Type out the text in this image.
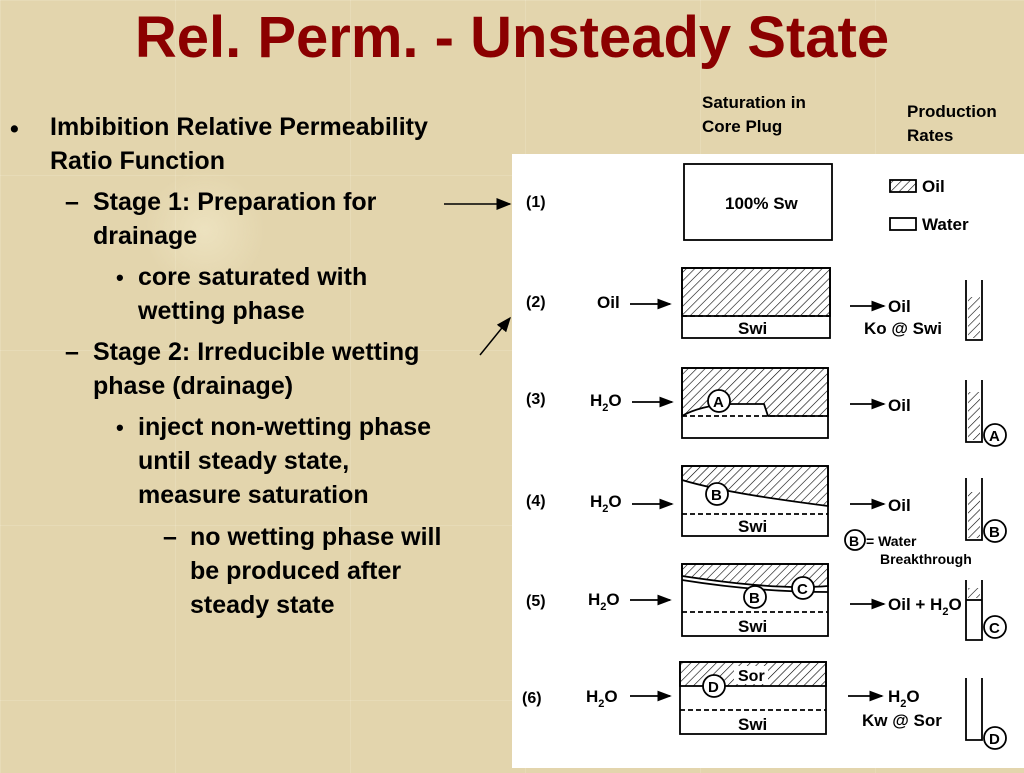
Rel. Perm. - Unsteady State
• Imbibition Relative Permeability
Ratio Function
– Stage 1: Preparation for
drainage
• core saturated with
wetting phase
– Stage 2: Irreducible wetting
phase (drainage)
• inject non-wetting phase
until steady state,
measure saturation
– no wetting phase will
be produced after
steady state
Saturation in
Core Plug
Production
Rates
Oil
Water
(1)	100% Sw
(2)	Oil
Swi
Oil
Ko @ Swi
(3)	$H_2O$	A	Oil
A
(4)	$H_2O$	B
Swi
Oil
B = Water
Breakthrough
B
(5) $H_2O$	B
C
Swi
Oil + $H_2O$
C
(6)	$H_2O$
Sor
D
Swi
$H_2O$
Kw @ Sor
D
